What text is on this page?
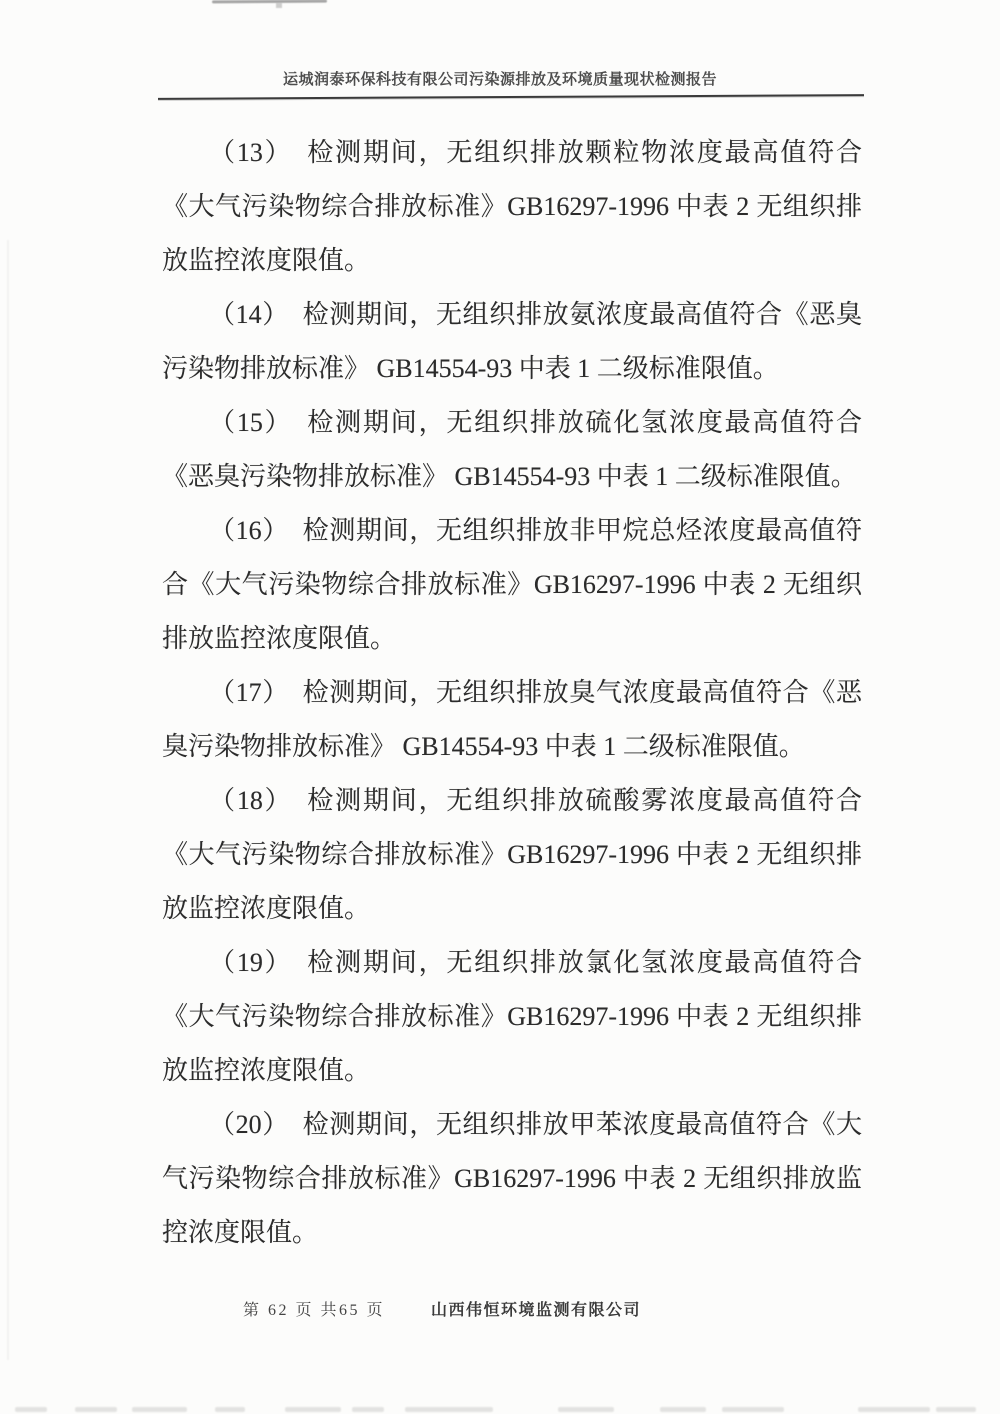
运城润泰环保科技有限公司污染源排放及环境质量现状检测报告
（13）　检测期间，无组织排放颗粒物浓度最高值符合
《大气污染物综合排放标准》GB16297-1996 中表 2 无组织排
放监控浓度限值。
（14）　检测期间，无组织排放氨浓度最高值符合《恶臭
污染物排放标准》 GB14554-93 中表 1 二级标准限值。
（15）　检测期间，无组织排放硫化氢浓度最高值符合
《恶臭污染物排放标准》 GB14554-93 中表 1 二级标准限值。
（16）　检测期间，无组织排放非甲烷总烃浓度最高值符
合《大气污染物综合排放标准》GB16297-1996 中表 2 无组织
排放监控浓度限值。
（17）　检测期间，无组织排放臭气浓度最高值符合《恶
臭污染物排放标准》 GB14554-93 中表 1 二级标准限值。
（18）　检测期间，无组织排放硫酸雾浓度最高值符合
《大气污染物综合排放标准》GB16297-1996 中表 2 无组织排
放监控浓度限值。
（19）　检测期间，无组织排放氯化氢浓度最高值符合
《大气污染物综合排放标准》GB16297-1996 中表 2 无组织排
放监控浓度限值。
（20）　检测期间，无组织排放甲苯浓度最高值符合《大
气污染物综合排放标准》GB16297-1996 中表 2 无组织排放监
控浓度限值。
第 62 页 共65 页	山西伟恒环境监测有限公司
